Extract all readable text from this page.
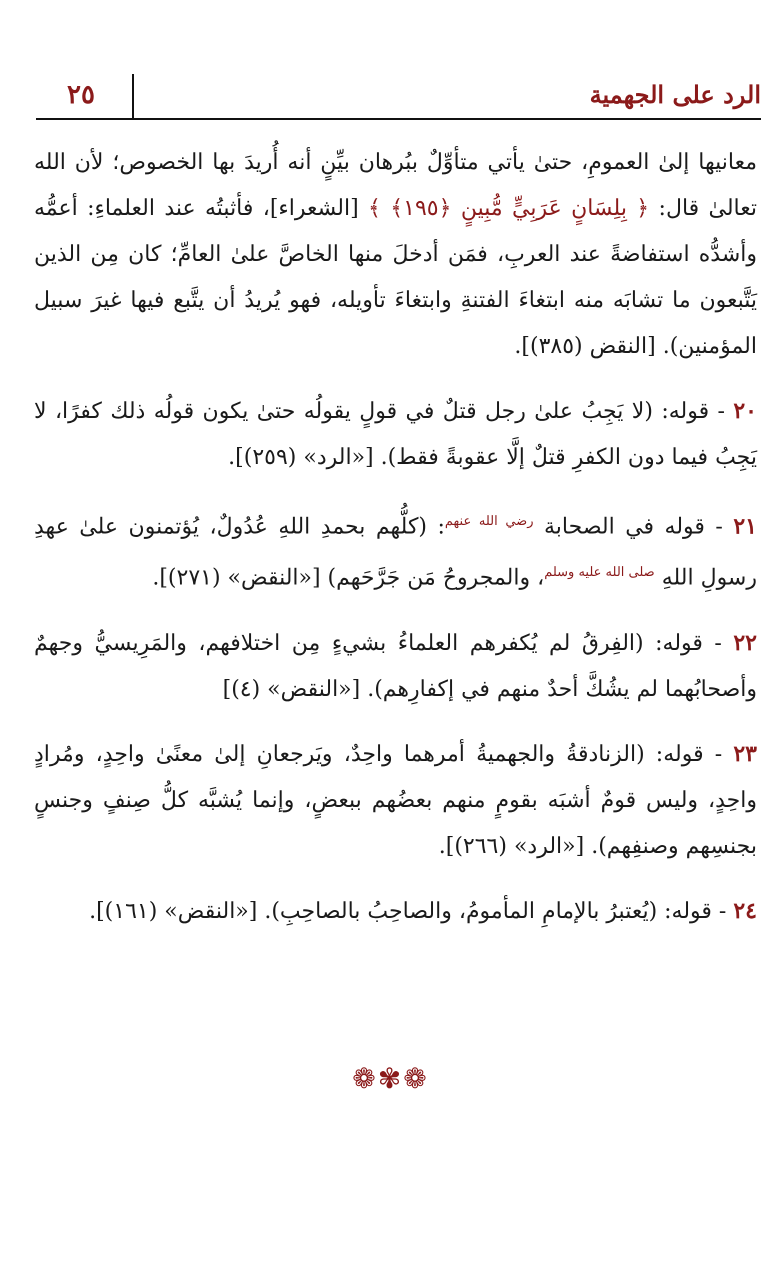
٢٥	الرد على الجهمية

معانيها إلىٰ العمومِ، حتىٰ يأتي متأوِّلٌ ببُرهان بيِّنٍ أنه أُريدَ بها الخصوص؛ لأن الله تعالىٰ قال: ﴿ بِلِسَانٍ عَرَبِيٍّ مُّبِينٍ ﴿١٩٥﴾ ﴾ [الشعراء]، فأثبتُه عند العلماءِ: أعمُّه وأشدُّه استفاضةً عند العربِ، فمَن أدخلَ منها الخاصَّ علىٰ العامِّ؛ كان مِن الذين يَتَّبعون ما تشابَه منه ابتغاءَ الفتنةِ وابتغاءَ تأويله، فهو يُريدُ أن يتَّبع فيها غيرَ سبيل المؤمنين). [النقض (٣٨٥)].

٢٠ - قوله: (لا يَجِبُ علىٰ رجل قتلٌ في قولٍ يقولُه حتىٰ يكون قولُه ذلك كفرًا، لا يَجِبُ فيما دون الكفرِ قتلٌ إلَّا عقوبةً فقط). [«الرد» (٢٥٩)].

٢١ - قوله في الصحابة $^{رضي الله عنهم}$: (كلُّهم بحمدِ اللهِ عُدُولٌ، يُؤتمنون علىٰ عهدِ رسولِ اللهِ $^{صلى الله عليه وسلم}$، والمجروحُ مَن جَرَّحَهم) [«النقض» (٢٧١)].

٢٢ - قوله: (الفِرقُ لم يُكفرهم العلماءُ بشيءٍ مِن اختلافهم، والمَرِيسيُّ وجهمٌ وأصحابُهما لم يشُكَّ أحدٌ منهم في إكفارِهم). [«النقض» (٤)]

٢٣ - قوله: (الزنادقةُ والجهميةُ أمرهما واحِدٌ، ويَرجعانِ إلىٰ معنًىٰ واحِدٍ، ومُرادٍ واحِدٍ، وليس قومٌ أشبَه بقومٍ منهم بعضُهم ببعضٍ، وإنما يُشبَّه كلُّ صِنفٍ وجنسٍ بجنسِهم وصنفِهم). [«الرد» (٢٦٦)].

٢٤ - قوله: (يُعتبرُ بالإمامِ المأمومُ، والصاحِبُ بالصاحِبِ). [«النقض» (١٦١)].

❁✾❁
